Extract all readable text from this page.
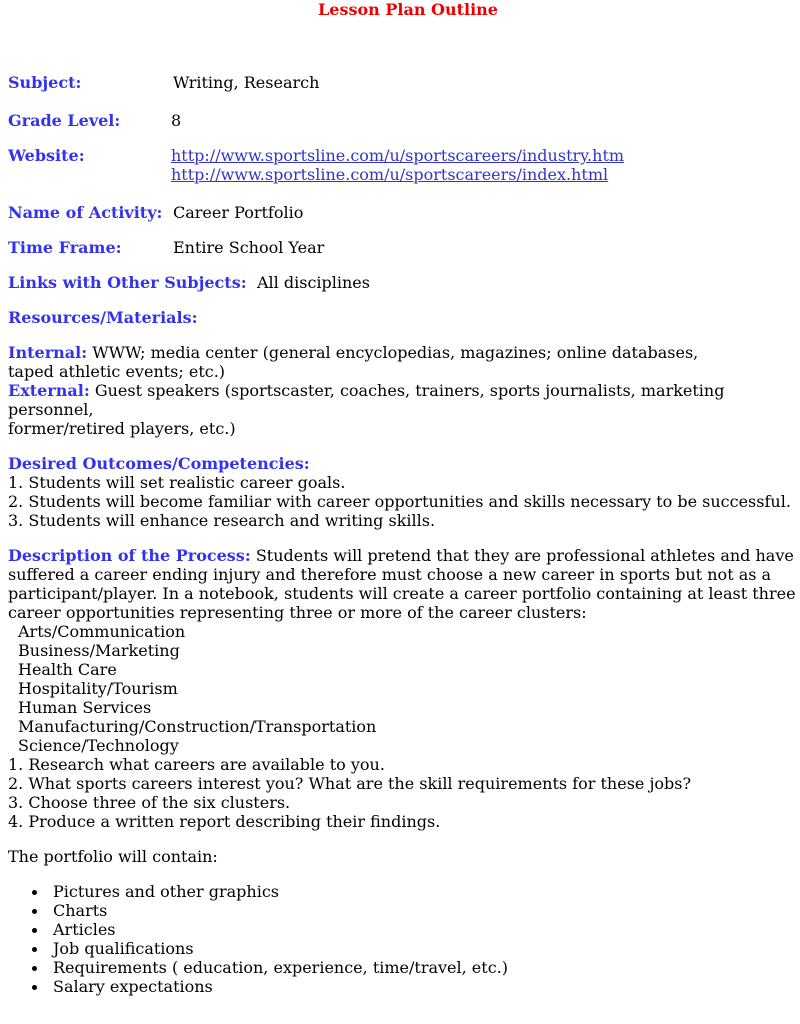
Lesson Plan Outline
Subject:	Writing, Research
Grade Level:	8
Website:	http://www.sportsline.com/u/sportscareers/industry.htm
http://www.sportsline.com/u/sportscareers/index.html
Name of Activity: Career Portfolio
Time Frame:	Entire School Year
Links with Other Subjects: All disciplines
Resources/Materials:
Internal: WWW; media center (general encyclopedias, magazines; online databases,
taped athletic events; etc.)
External: Guest speakers (sportscaster, coaches, trainers, sports journalists, marketing
personnel,
former/retired players, etc.)
Desired Outcomes/Competencies:
1. Students will set realistic career goals.
2. Students will become familiar with career opportunities and skills necessary to be successful.
3. Students will enhance research and writing skills.
Description of the Process: Students will pretend that they are professional athletes and have
suffered a career ending injury and therefore must choose a new career in sports but not as a
participant/player. In a notebook, students will create a career portfolio containing at least three
career opportunities representing three or more of the career clusters:
Arts/Communication
Business/Marketing
Health Care
Hospitality/Tourism
Human Services
Manufacturing/Construction/Transportation
Science/Technology
1. Research what careers are available to you.
2. What sports careers interest you? What are the skill requirements for these jobs?
3. Choose three of the six clusters.
4. Produce a written report describing their findings.
The portfolio will contain:
Pictures and other graphics
Charts
Articles
Job qualifications
Requirements ( education, experience, time/travel, etc.)
Salary expectations
